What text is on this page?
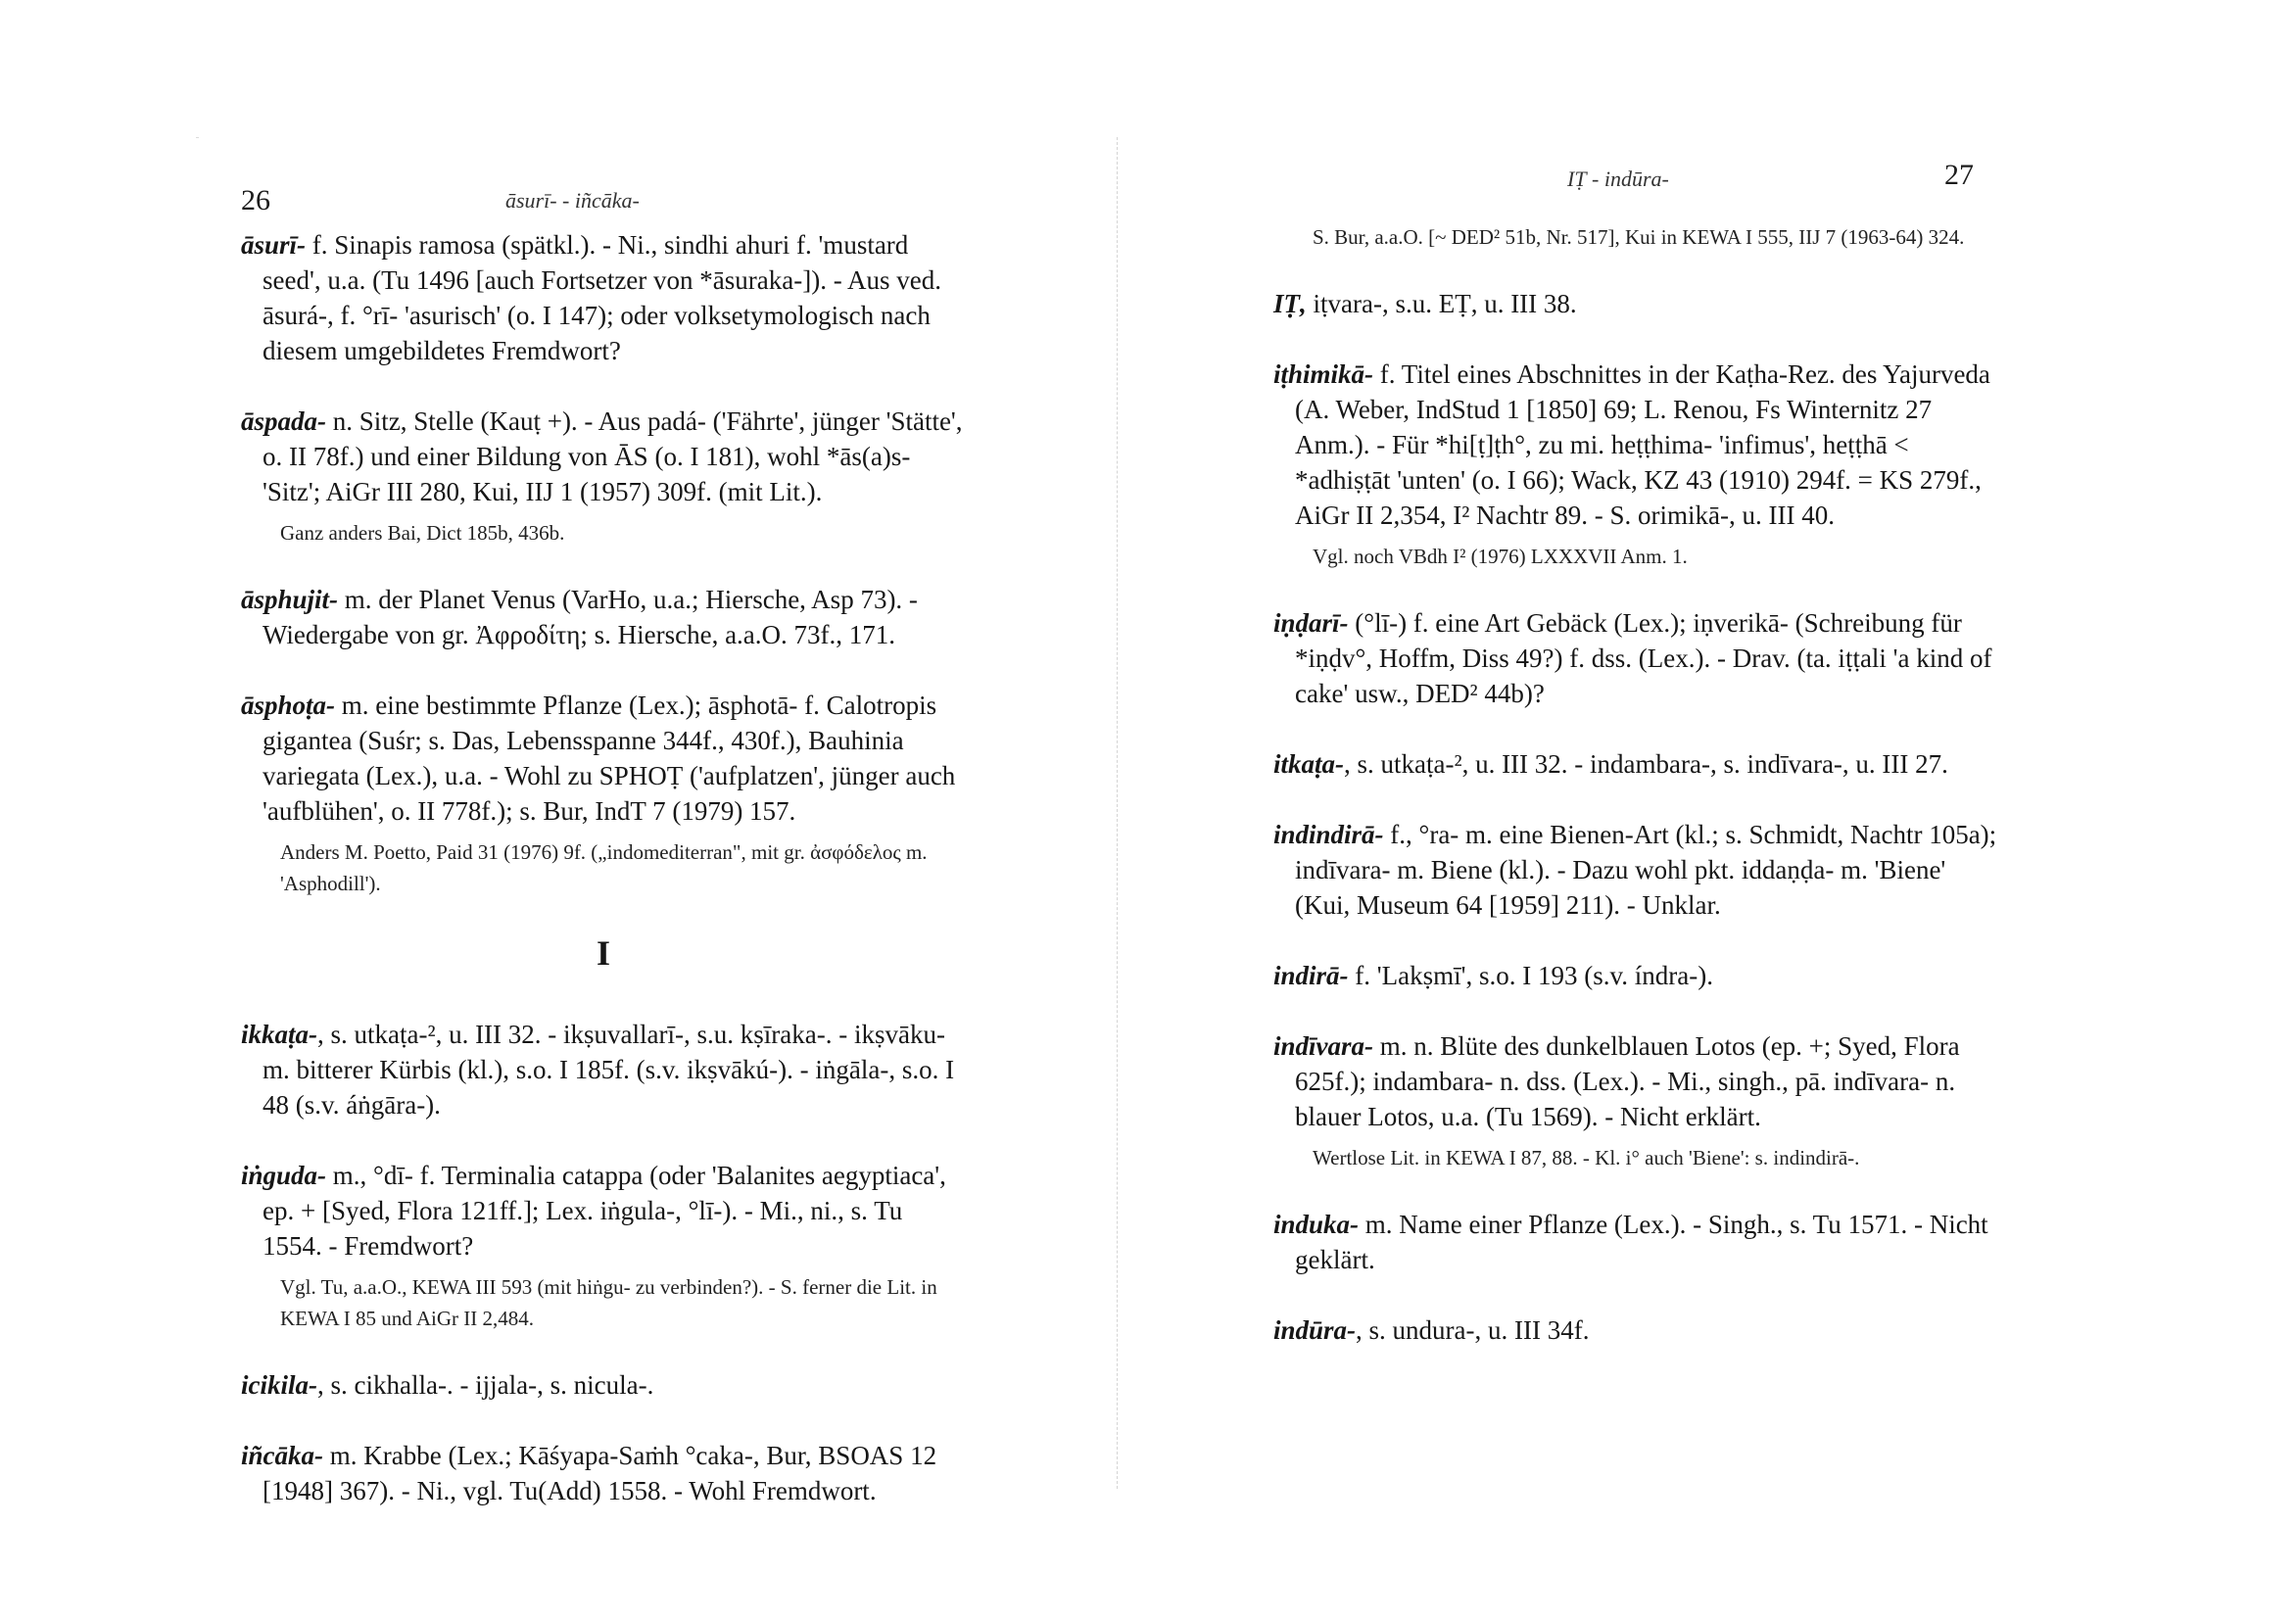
26	āsurī- - iñcāka-

āsurī- f. Sinapis ramosa (spätkl.). - Ni., sindhi ahuri f. 'mustard seed', u.a. (Tu 1496 [auch Fortsetzer von *āsuraka-]). - Aus ved. āsurá-, f. °rī- 'asurisch' (o. I 147); oder volksetymologisch nach diesem umgebildetes Fremdwort?

āspada- n. Sitz, Stelle (Kauṭ +). - Aus padá- ('Fährte', jünger 'Stätte', o. II 78f.) und einer Bildung von ĀS (o. I 181), wohl *ās(a)s- 'Sitz'; AiGr III 280, Kui, IIJ 1 (1957) 309f. (mit Lit.).

Ganz anders Bai, Dict 185b, 436b.

āsphujit- m. der Planet Venus (VarHo, u.a.; Hiersche, Asp 73). - Wiedergabe von gr. Ἀφροδίτη; s. Hiersche, a.a.O. 73f., 171.

āsphoṭa- m. eine bestimmte Pflanze (Lex.); āsphotā- f. Calotropis gigantea (Suśr; s. Das, Lebensspanne 344f., 430f.), Bauhinia variegata (Lex.), u.a. - Wohl zu SPHOṬ ('aufplatzen', jünger auch 'aufblühen', o. II 778f.); s. Bur, IndT 7 (1979) 157.

Anders M. Poetto, Paid 31 (1976) 9f. („indomediterran", mit gr. ἀσφόδελος m. 'Asphodill').

I

ikkaṭa-, s. utkaṭa-², u. III 32. - ikṣuvallarī-, s.u. kṣīraka-. - ikṣvāku- m. bitterer Kürbis (kl.), s.o. I 185f. (s.v. ikṣvākú-). - iṅgāla-, s.o. I 48 (s.v. áṅgāra-).

iṅguda- m., °dī- f. Terminalia catappa (oder 'Balanites aegyptiaca', ep. + [Syed, Flora 121ff.]; Lex. iṅgula-, °lī-). - Mi., ni., s. Tu 1554. - Fremdwort?

Vgl. Tu, a.a.O., KEWA III 593 (mit hiṅgu- zu verbinden?). - S. ferner die Lit. in KEWA I 85 und AiGr II 2,484.

icikila-, s. cikhalla-. - ijjala-, s. nicula-.

iñcāka- m. Krabbe (Lex.; Kāśyapa-Saṁh °caka-, Bur, BSOAS 12 [1948] 367). - Ni., vgl. Tu(Add) 1558. - Wohl Fremdwort.

IṬ - indūra-	27

S. Bur, a.a.O. [~ DED² 51b, Nr. 517], Kui in KEWA I 555, IIJ 7 (1963-64) 324.

IṬ, iṭvara-, s.u. EṬ, u. III 38.

iṭhimikā- f. Titel eines Abschnittes in der Kaṭha-Rez. des Yajurveda (A. Weber, IndStud 1 [1850] 69; L. Renou, Fs Winternitz 27 Anm.). - Für *hi[ṭ]ṭh°, zu mi. heṭṭhima- 'infimus', heṭṭhā < *adhiṣṭāt 'unten' (o. I 66); Wack, KZ 43 (1910) 294f. = KS 279f., AiGr II 2,354, I² Nachtr 89. - S. orimikā-, u. III 40.

Vgl. noch VBdh I² (1976) LXXXVII Anm. 1.

iṇḍarī- (°lī-) f. eine Art Gebäck (Lex.); iṇverikā- (Schreibung für *iṇḍv°, Hoffm, Diss 49?) f. dss. (Lex.). - Drav. (ta. iṭṭali 'a kind of cake' usw., DED² 44b)?

itkaṭa-, s. utkaṭa-², u. III 32. - indambara-, s. indīvara-, u. III 27.

indindirā- f., °ra- m. eine Bienen-Art (kl.; s. Schmidt, Nachtr 105a); indīvara- m. Biene (kl.). - Dazu wohl pkt. iddaṇḍa- m. 'Biene' (Kui, Museum 64 [1959] 211). - Unklar.

indirā- f. 'Lakṣmī', s.o. I 193 (s.v. índra-).

indīvara- m. n. Blüte des dunkelblauen Lotos (ep. +; Syed, Flora 625f.); indambara- n. dss. (Lex.). - Mi., singh., pā. indīvara- n. blauer Lotos, u.a. (Tu 1569). - Nicht erklärt.

Wertlose Lit. in KEWA I 87, 88. - Kl. i° auch 'Biene': s. indindirā-.

induka- m. Name einer Pflanze (Lex.). - Singh., s. Tu 1571. - Nicht geklärt.

indūra-, s. undura-, u. III 34f.
